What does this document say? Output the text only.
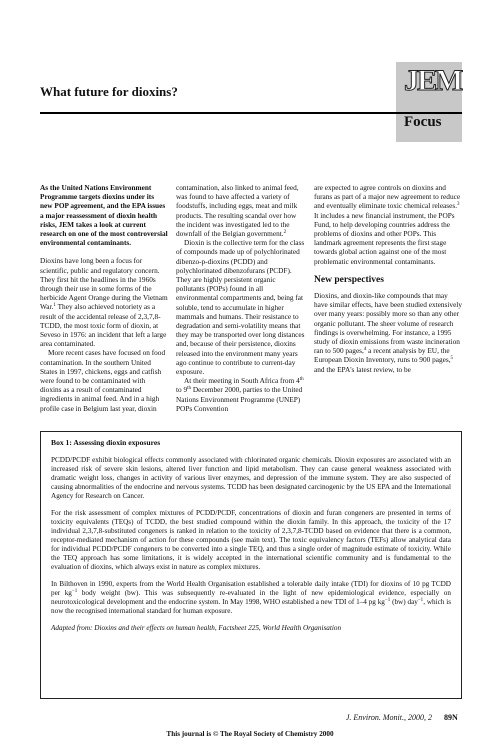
What future for dioxins?	JEM
Focus

As the United Nations Environment Programme targets dioxins under its new POP agreement, and the EPA issues a major reassessment of dioxin health risks, JEM takes a look at current research on one of the most controversial environmental contaminants.

Dioxins have long been a focus for scientific, public and regulatory concern. They first hit the headlines in the 1960s through their use in some forms of the herbicide Agent Orange during the Vietnam War.$^1$ They also achieved notoriety as a result of the accidental release of 2,3,7,8-TCDD, the most toxic form of dioxin, at Seveso in 1976: an incident that left a large area contaminated.

More recent cases have focused on food contamination. In the southern United States in 1997, chickens, eggs and catfish were found to be contaminated with dioxins as a result of contaminated ingredients in animal feed. And in a high profile case in Belgium last year, dioxin

contamination, also linked to animal feed, was found to have affected a variety of foodstuffs, including eggs, meat and milk products. The resulting scandal over how the incident was investigated led to the downfall of the Belgian government.$^2$

Dioxin is the collective term for the class of compounds made up of polychlorinated dibenzo-p-dioxins (PCDD) and polychlorinated dibenzofurans (PCDF). They are highly persistent organic pollutants (POPs) found in all environmental compartments and, being fat soluble, tend to accumulate in higher mammals and humans. Their resistance to degradation and semi-volatility means that they may be transported over long distances and, because of their persistence, dioxins released into the environment many years ago continue to contribute to current-day exposure.

At their meeting in South Africa from 4th to 9th December 2000, parties to the United Nations Environment Programme (UNEP) POPs Convention

are expected to agree controls on dioxins and furans as part of a major new agreement to reduce and eventually eliminate toxic chemical releases.$^3$ It includes a new financial instrument, the POPs Fund, to help developing countries address the problems of dioxins and other POPs. This landmark agreement represents the first stage towards global action against one of the most problematic environmental contaminants.

New perspectives

Dioxins, and dioxin-like compounds that may have similar effects, have been studied extensively over many years: possibly more so than any other organic pollutant. The sheer volume of research findings is overwhelming. For instance, a 1995 study of dioxin emissions from waste incineration ran to 500 pages,$^4$ a recent analysis by EU, the European Dioxin Inventory, runs to 900 pages,$^5$ and the EPA's latest review, to be

Box 1: Assessing dioxin exposures

PCDD/PCDF exhibit biological effects commonly associated with chlorinated organic chemicals. Dioxin exposures are associated with an increased risk of severe skin lesions, altered liver function and lipid metabolism. They can cause general weakness associated with dramatic weight loss, changes in activity of various liver enzymes, and depression of the immune system. They are also suspected of causing abnormalities of the endocrine and nervous systems. TCDD has been designated carcinogenic by the US EPA and the International Agency for Research on Cancer.

For the risk assessment of complex mixtures of PCDD/PCDF, concentrations of dioxin and furan congeners are presented in terms of toxicity equivalents (TEQs) of TCDD, the best studied compound within the dioxin family. In this approach, the toxicity of the 17 individual 2,3,7,8-substituted congeners is ranked in relation to the toxicity of 2,3,7,8-TCDD based on evidence that there is a common, receptor-mediated mechanism of action for these compounds (see main text). The toxic equivalency factors (TEFs) allow analytical data for individual PCDD/PCDF congeners to be converted into a single TEQ, and thus a single order of magnitude estimate of toxicity. While the TEQ approach has some limitations, it is widely accepted in the international scientific community and is fundamental to the evaluation of dioxins, which always exist in nature as complex mixtures.

In Bilthoven in 1990, experts from the World Health Organisation established a tolerable daily intake (TDI) for dioxins of 10 pg TCDD per $kg^{-1}$ body weight (bw). This was subsequently re-evaluated in the light of new epidemiological evidence, especially on neurotoxicological development and the endocrine system. In May 1998, WHO established a new TDI of 1–4 pg $kg^{-1}$ (bw) day$^{-1}$, which is now the recognised international standard for human exposure.

Adapted from: Dioxins and their effects on human health, Factsheet 225, World Health Organisation

J. Environ. Monit., 2000, 2 89N
This journal is © The Royal Society of Chemistry 2000
